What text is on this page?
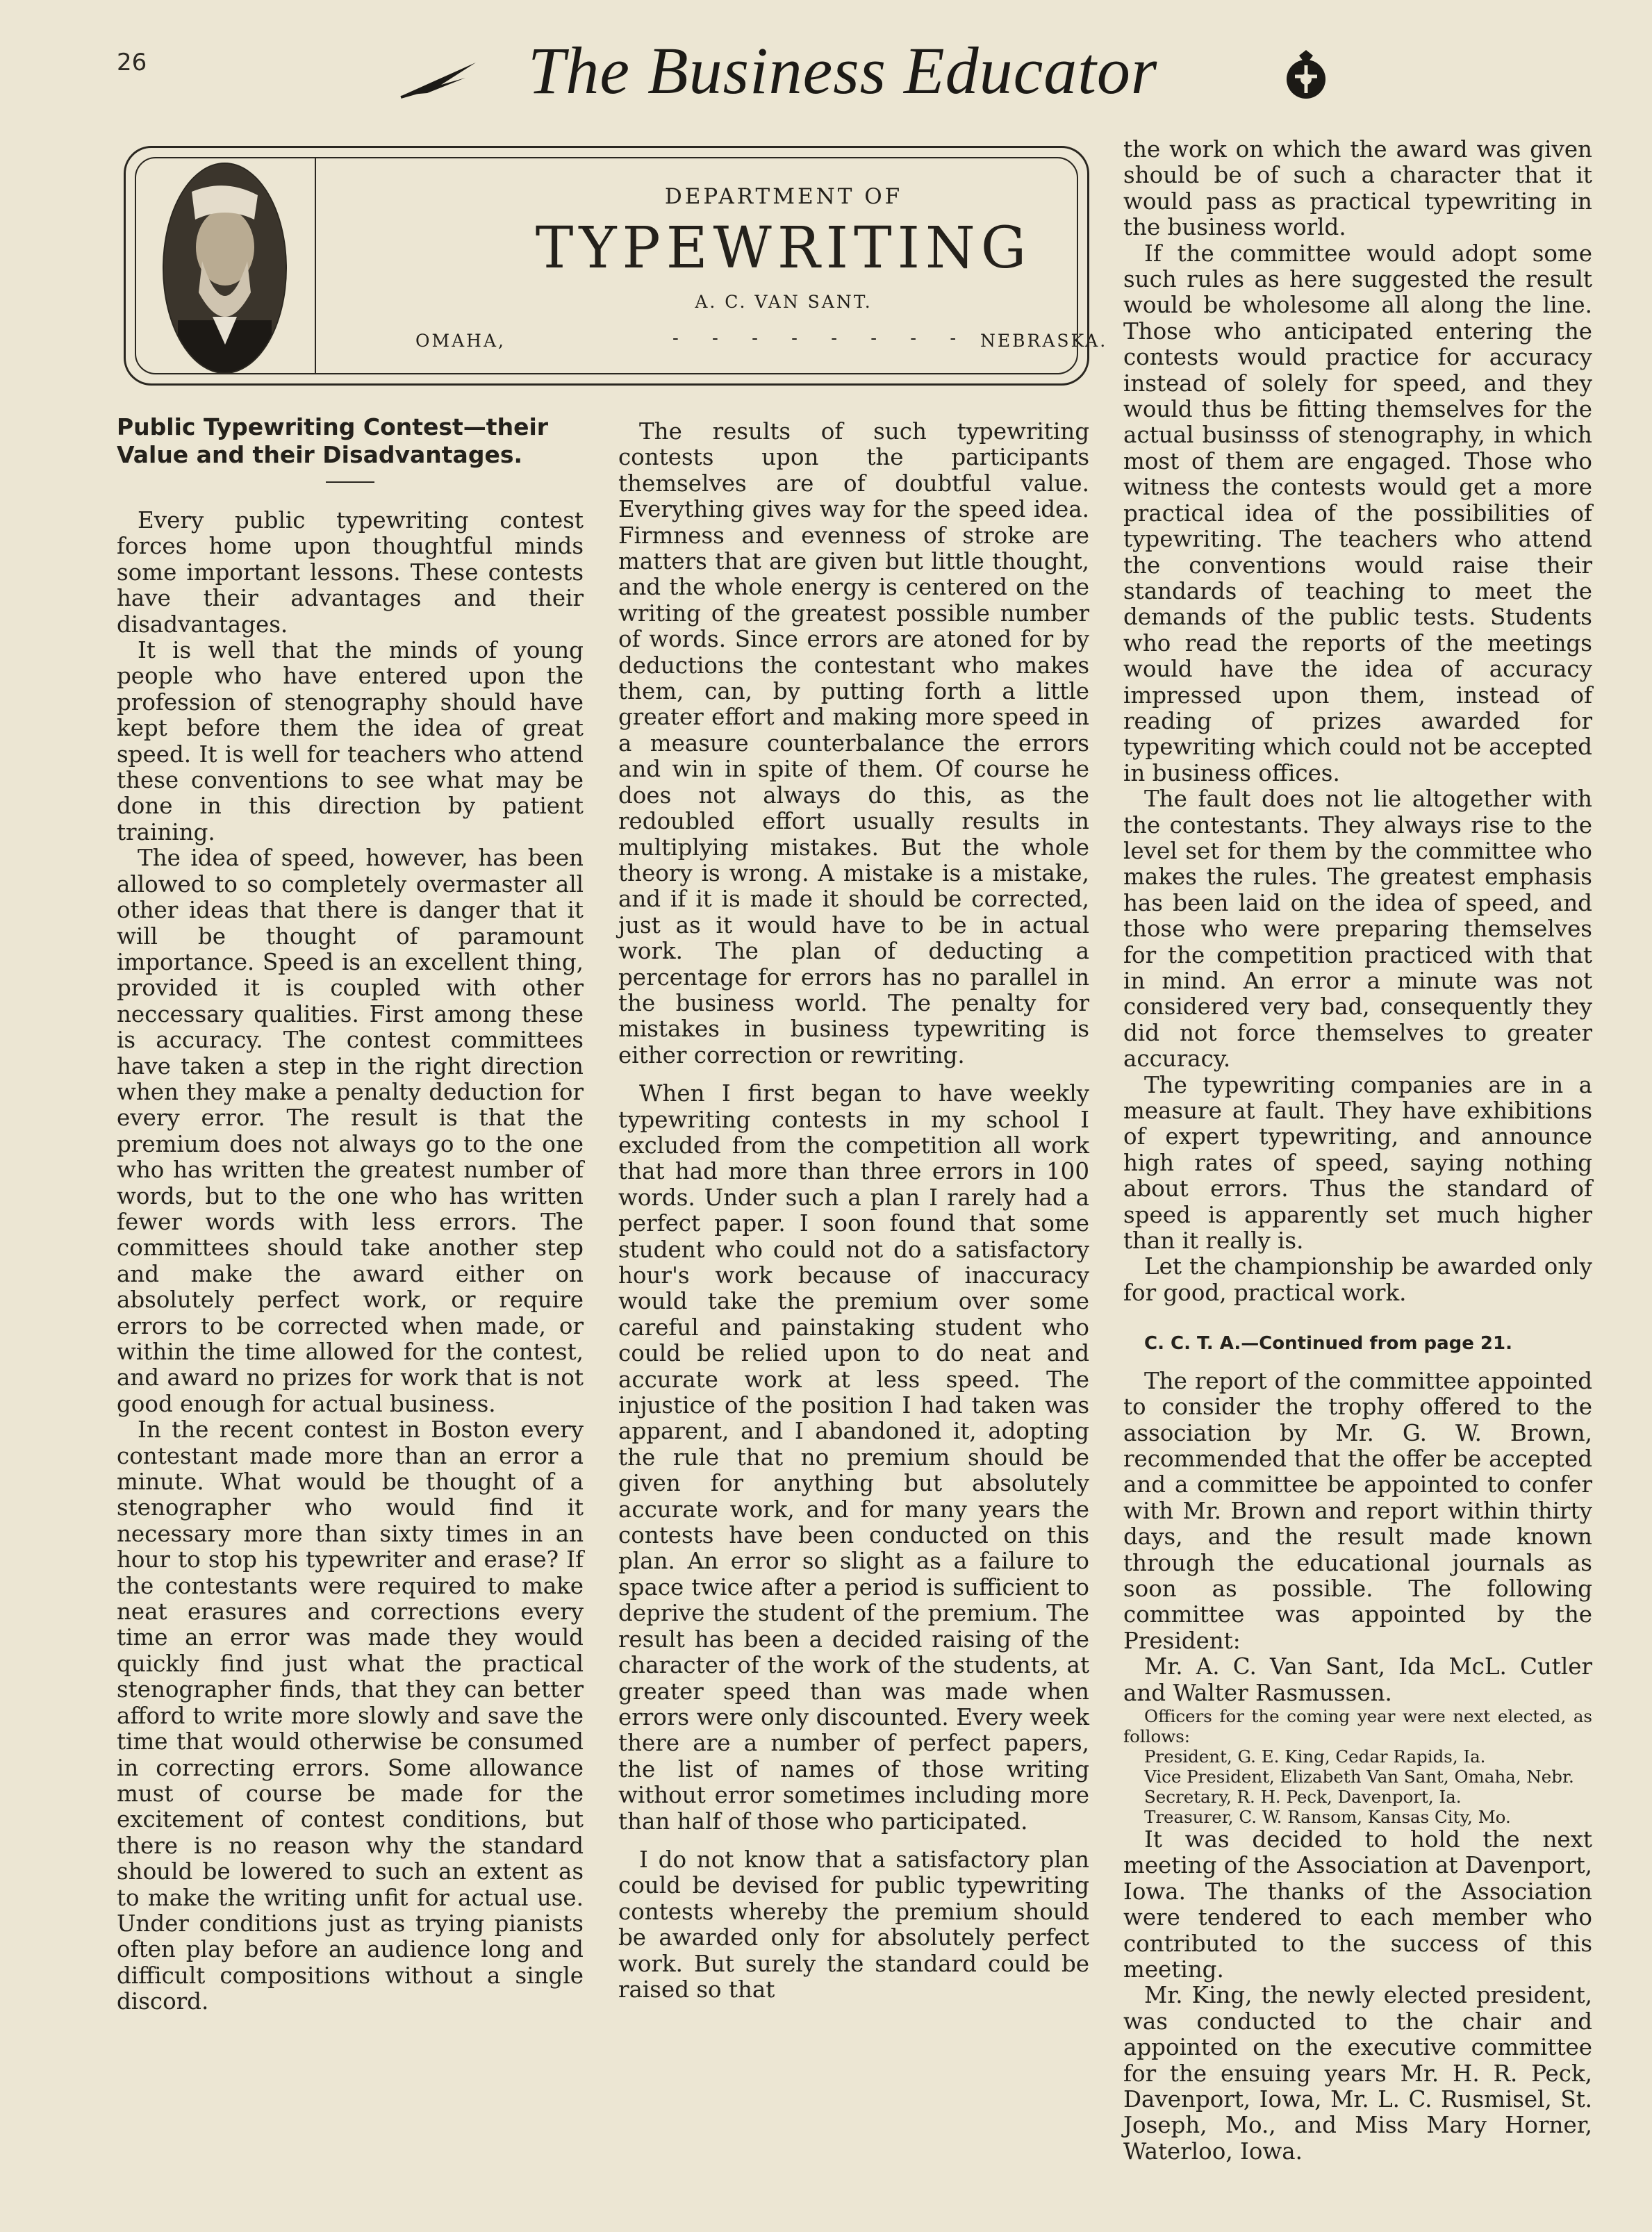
26	The Business Educator
DEPARTMENT OF
TYPEWRITING
A. C. VAN SANT.
OMAHA,	- - - - - - - - NEBRASKA.

Public Typewriting Contest—their Value and their Disadvantages.

Every public typewriting contest forces home upon thoughtful minds some important lessons. These contests have their advantages and their disadvantages.

It is well that the minds of young people who have entered upon the profession of stenography should have kept before them the idea of great speed. It is well for teachers who attend these conventions to see what may be done in this direction by patient training.

The idea of speed, however, has been allowed to so completely overmaster all other ideas that there is danger that it will be thought of paramount importance. Speed is an excellent thing, provided it is coupled with other neccessary qualities. First among these is accuracy. The contest committees have taken a step in the right direction when they make a penalty deduction for every error. The result is that the premium does not always go to the one who has written the greatest number of words, but to the one who has written fewer words with less errors. The committees should take another step and make the award either on absolutely perfect work, or require errors to be corrected when made, or within the time allowed for the contest, and award no prizes for work that is not good enough for actual business.

In the recent contest in Boston every contestant made more than an error a minute. What would be thought of a stenographer who would find it necessary more than sixty times in an hour to stop his typewriter and erase? If the contestants were required to make neat erasures and corrections every time an error was made they would quickly find just what the practical stenographer finds, that they can better afford to write more slowly and save the time that would otherwise be consumed in correcting errors. Some allowance must of course be made for the excitement of contest conditions, but there is no reason why the standard should be lowered to such an extent as to make the writing unfit for actual use. Under conditions just as trying pianists often play before an audience long and difficult compositions without a single discord.

The results of such typewriting contests upon the participants themselves are of doubtful value. Everything gives way for the speed idea. Firmness and evenness of stroke are matters that are given but little thought, and the whole energy is centered on the writing of the greatest possible number of words. Since errors are atoned for by deductions the contestant who makes them, can, by putting forth a little greater effort and making more speed in a measure counterbalance the errors and win in spite of them. Of course he does not always do this, as the redoubled effort usually results in multiplying mistakes. But the whole theory is wrong. A mistake is a mistake, and if it is made it should be corrected, just as it would have to be in actual work. The plan of deducting a percentage for errors has no parallel in the business world. The penalty for mistakes in business typewriting is either correction or rewriting.

When I first began to have weekly typewriting contests in my school I excluded from the competition all work that had more than three errors in 100 words. Under such a plan I rarely had a perfect paper. I soon found that some student who could not do a satisfactory hour's work because of inaccuracy would take the premium over some careful and painstaking student who could be relied upon to do neat and accurate work at less speed. The injustice of the position I had taken was apparent, and I abandoned it, adopting the rule that no premium should be given for anything but absolutely accurate work, and for many years the contests have been conducted on this plan. An error so slight as a failure to space twice after a period is sufficient to deprive the student of the premium. The result has been a decided raising of the character of the work of the students, at greater speed than was made when errors were only discounted. Every week there are a number of perfect papers, the list of names of those writing without error sometimes including more than half of those who participated.

I do not know that a satisfactory plan could be devised for public typewriting contests whereby the premium should be awarded only for absolutely perfect work. But surely the standard could be raised so that

the work on which the award was given should be of such a character that it would pass as practical typewriting in the business world.

If the committee would adopt some such rules as here suggested the result would be wholesome all along the line. Those who anticipated entering the contests would practice for accuracy instead of solely for speed, and they would thus be fitting themselves for the actual businsss of stenography, in which most of them are engaged. Those who witness the contests would get a more practical idea of the possibilities of typewriting. The teachers who attend the conventions would raise their standards of teaching to meet the demands of the public tests. Students who read the reports of the meetings would have the idea of accuracy impressed upon them, instead of reading of prizes awarded for typewriting which could not be accepted in business offices.

The fault does not lie altogether with the contestants. They always rise to the level set for them by the committee who makes the rules. The greatest emphasis has been laid on the idea of speed, and those who were preparing themselves for the competition practiced with that in mind. An error a minute was not considered very bad, consequently they did not force themselves to greater accuracy.

The typewriting companies are in a measure at fault. They have exhibitions of expert typewriting, and announce high rates of speed, saying nothing about errors. Thus the standard of speed is apparently set much higher than it really is.

Let the championship be awarded only for good, practical work.

C. C. T. A.—Continued from page 21.

The report of the committee appointed to consider the trophy offered to the association by Mr. G. W. Brown, recommended that the offer be accepted and a committee be appointed to confer with Mr. Brown and report within thirty days, and the result made known through the educational journals as soon as possible. The following committee was appointed by the President:

Mr. A. C. Van Sant, Ida McL. Cutler and Walter Rasmussen.

Officers for the coming year were next elected, as follows:

President, G. E. King, Cedar Rapids, Ia.

Vice President, Elizabeth Van Sant, Omaha, Nebr.

Secretary, R. H. Peck, Davenport, Ia.

Treasurer, C. W. Ransom, Kansas City, Mo.

It was decided to hold the next meeting of the Association at Davenport, Iowa. The thanks of the Association were tendered to each member who contributed to the success of this meeting.

Mr. King, the newly elected president, was conducted to the chair and appointed on the executive committee for the ensuing years Mr. H. R. Peck, Davenport, Iowa, Mr. L. C. Rusmisel, St. Joseph, Mo., and Miss Mary Horner, Waterloo, Iowa.
